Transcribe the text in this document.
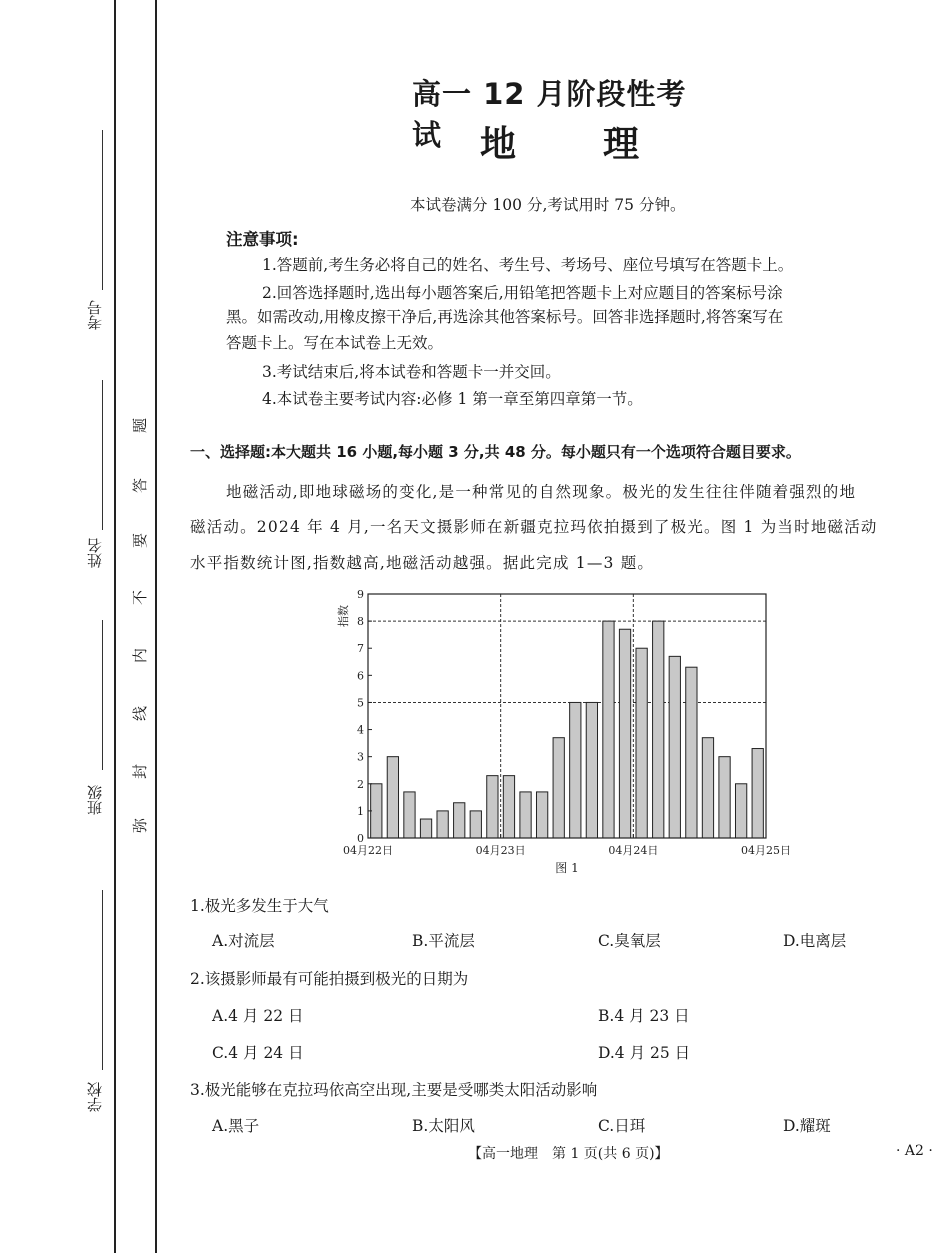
考号
姓名
班级
学校
题
答
要
不
内
线
封
弥
高一 12 月阶段性考试	地 理
本试卷满分 100 分,考试用时 75 分钟。
注意事项:
1.答题前,考生务必将自己的姓名、考生号、考场号、座位号填写在答题卡上。
2.回答选择题时,选出每小题答案后,用铅笔把答题卡上对应题目的答案标号涂
黑。如需改动,用橡皮擦干净后,再选涂其他答案标号。回答非选择题时,将答案写在
答题卡上。写在本试卷上无效。
3.考试结束后,将本试卷和答题卡一并交回。
4.本试卷主要考试内容:必修 1 第一章至第四章第一节。
一、选择题:本大题共 16 小题,每小题 3 分,共 48 分。每小题只有一个选项符合题目要求。
地磁活动,即地球磁场的变化,是一种常见的自然现象。极光的发生往往伴随着强烈的地
磁活动。2024 年 4 月,一名天文摄影师在新疆克拉玛依拍摄到了极光。图 1 为当时地磁活动
水平指数统计图,指数越高,地磁活动越强。据此完成 1—3 题。
0
1
2
3
4
5
6
7
8
9
04月22日	04月23日	04月24日	04月25日
指数
图 1
1.极光多发生于大气
A.对流层	B.平流层	C.臭氧层	D.电离层
2.该摄影师最有可能拍摄到极光的日期为
A.4 月 22 日	B.4 月 23 日
C.4 月 24 日	D.4 月 25 日
3.极光能够在克拉玛依高空出现,主要是受哪类太阳活动影响
A.黑子	B.太阳风	C.日珥	D.耀斑
【高一地理　第 1 页(共 6 页)】	· A2 ·
